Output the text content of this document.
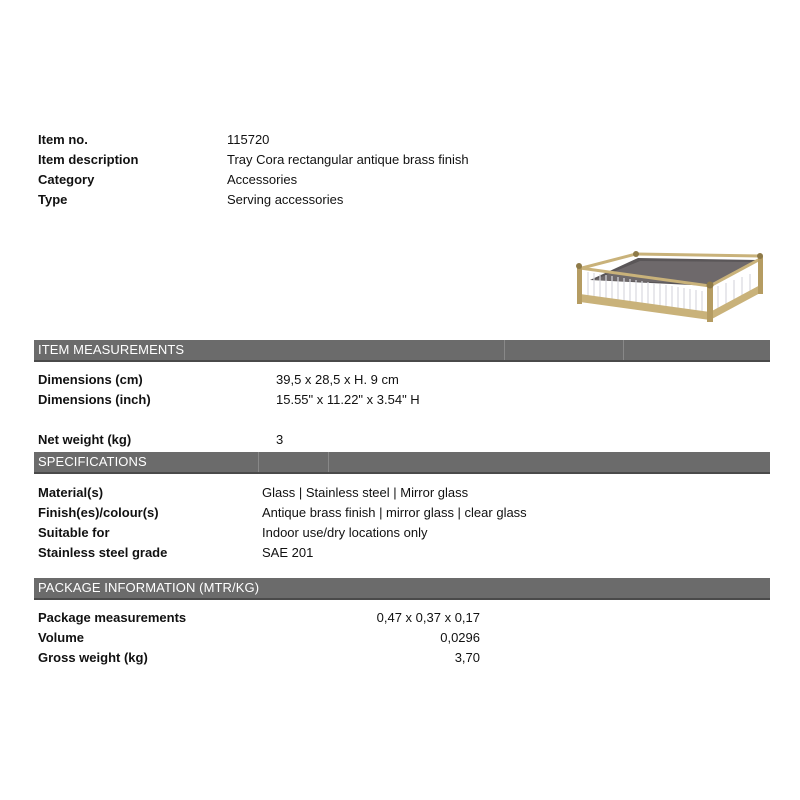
Item no.	115720
Item description	Tray Cora rectangular antique brass finish
Category	Accessories
Type	Serving accessories
ITEM MEASUREMENTS
Dimensions (cm)	39,5 x 28,5 x H. 9 cm
Dimensions (inch)	15.55" x 11.22" x 3.54" H
Net weight (kg)	3
SPECIFICATIONS
Material(s)	Glass | Stainless steel | Mirror glass
Finish(es)/colour(s)	Antique brass finish | mirror glass | clear glass
Suitable for	Indoor use/dry locations only
Stainless steel grade	SAE 201
PACKAGE INFORMATION (MTR/KG)
Package measurements	0,47 x 0,37 x 0,17
Volume	0,0296
Gross weight (kg)	3,70
